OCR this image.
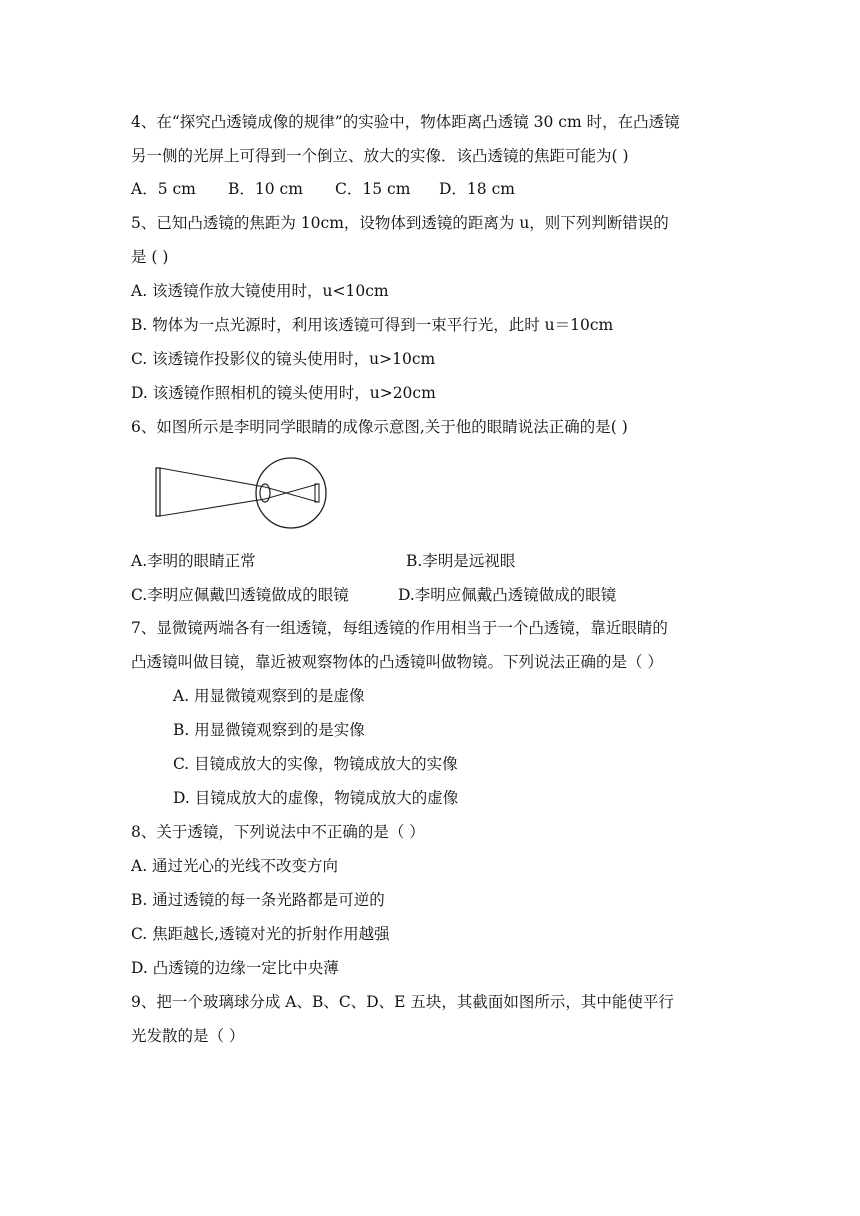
4、在“探究凸透镜成像的规律”的实验中，物体距离凸透镜 30 cm 时，在凸透镜
另一侧的光屏上可得到一个倒立、放大的实像．该凸透镜的焦距可能为( )
A．5 cm B．10 cm C．15 cm D．18 cm
5、已知凸透镜的焦距为 10cm，设物体到透镜的距离为 u，则下列判断错误的
是 ( )
A. 该透镜作放大镜使用时，u<10cm
B. 物体为一点光源时，利用该透镜可得到一束平行光，此时 u＝10cm
C. 该透镜作投影仪的镜头使用时，u>10cm
D. 该透镜作照相机的镜头使用时，u>20cm
6、如图所示是李明同学眼睛的成像示意图,关于他的眼睛说法正确的是( )
A.李明的眼睛正常	B.李明是远视眼
C.李明应佩戴凹透镜做成的眼镜	D.李明应佩戴凸透镜做成的眼镜
7、显微镜两端各有一组透镜，每组透镜的作用相当于一个凸透镜，靠近眼睛的
凸透镜叫做目镜，靠近被观察物体的凸透镜叫做物镜。下列说法正确的是（ ）
A. 用显微镜观察到的是虚像
B. 用显微镜观察到的是实像
C. 目镜成放大的实像，物镜成放大的实像
D. 目镜成放大的虚像，物镜成放大的虚像
8、关于透镜，下列说法中不正确的是（ ）
A. 通过光心的光线不改变方向
B. 通过透镜的每一条光路都是可逆的
C. 焦距越长,透镜对光的折射作用越强
D. 凸透镜的边缘一定比中央薄
9、把一个玻璃球分成 A、B、C、D、E 五块，其截面如图所示，其中能使平行
光发散的是（ ）
